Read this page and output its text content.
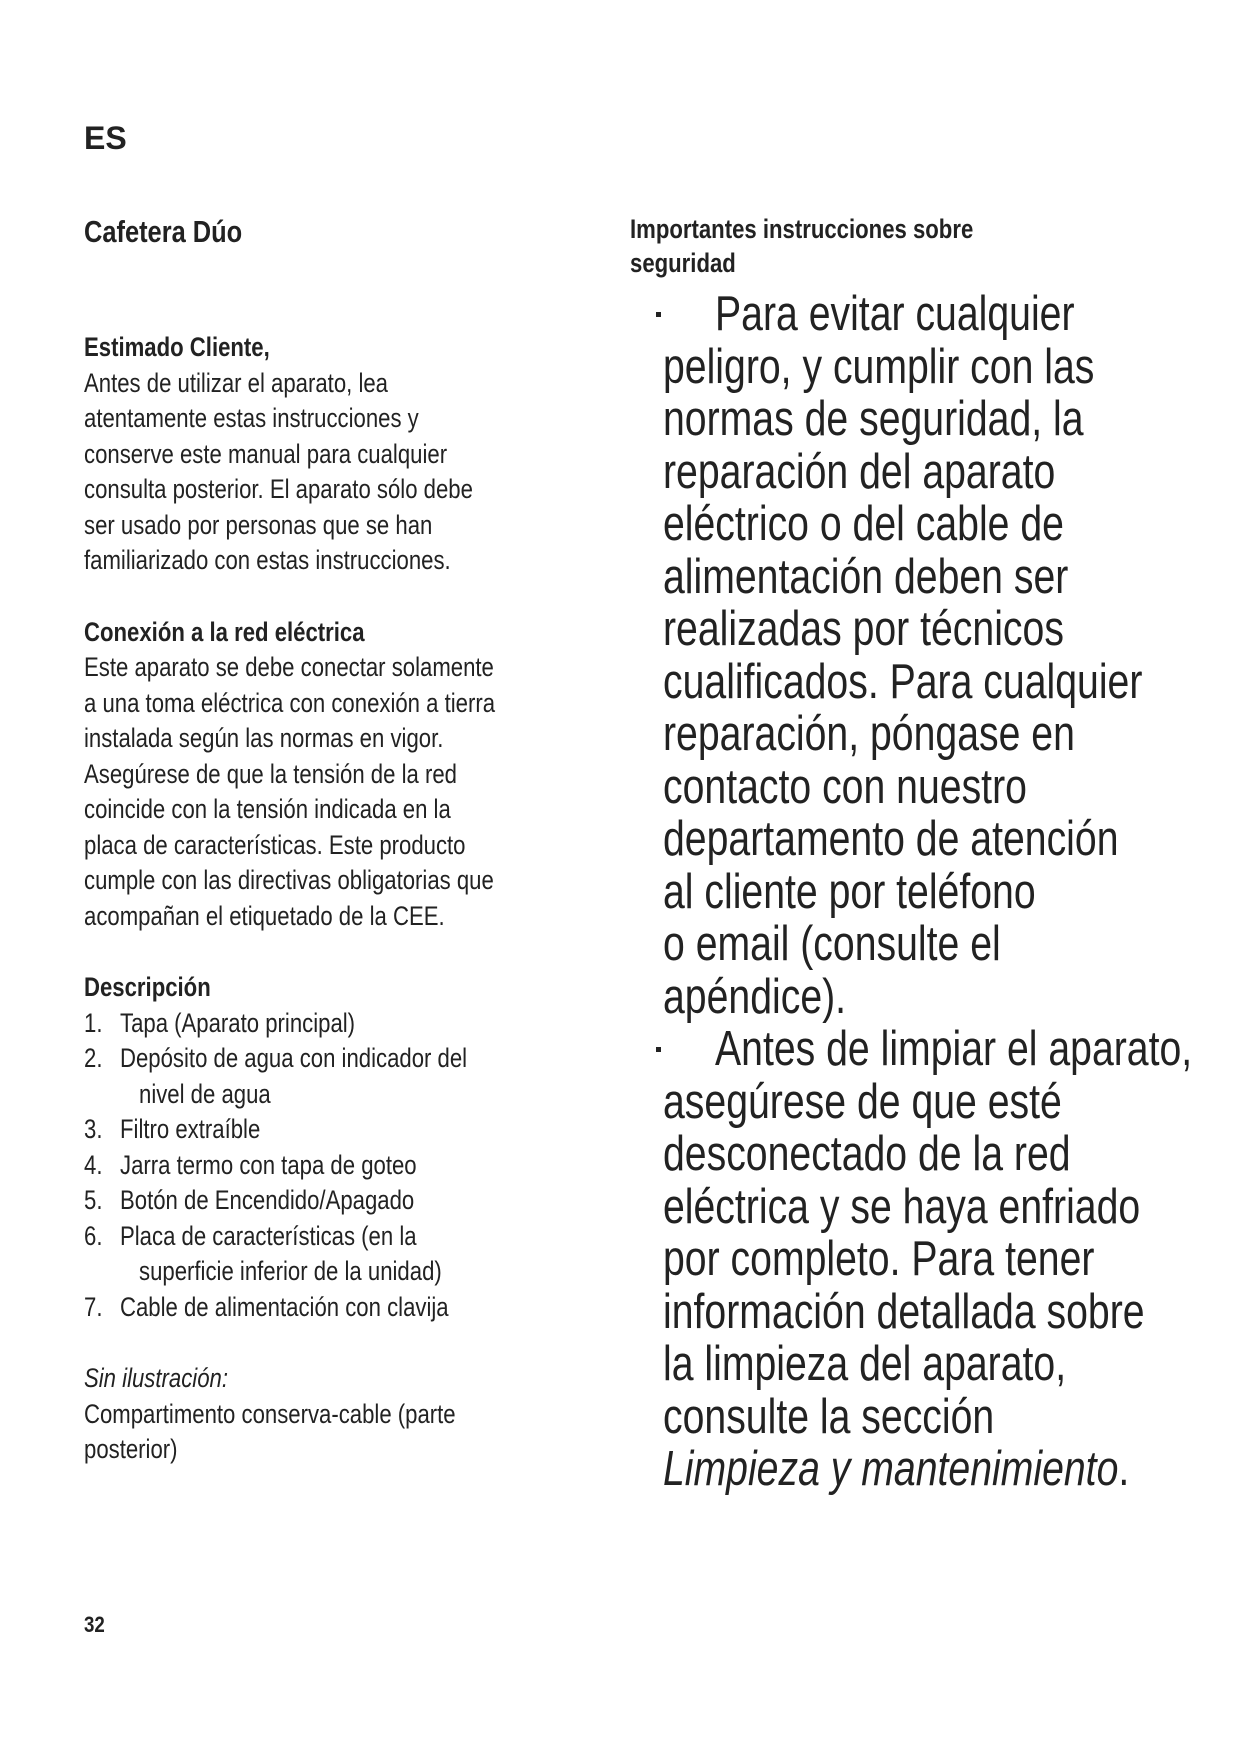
ES
Cafetera Dúo
Estimado Cliente,
Antes de utilizar el aparato, lea
atentamente estas instrucciones y
conserve este manual para cualquier
consulta posterior. El aparato sólo debe
ser usado por personas que se han
familiarizado con estas instrucciones.
Conexión a la red eléctrica
Este aparato se debe conectar solamente
a una toma eléctrica con conexión a tierra
instalada según las normas en vigor.
Asegúrese de que la tensión de la red
coincide con la tensión indicada en la
placa de características. Este producto
cumple con las directivas obligatorias que
acompañan el etiquetado de la CEE.
Descripción
1. Tapa (Aparato principal)
2. Depósito de agua con indicador del
nivel de agua
3. Filtro extraíble
4. Jarra termo con tapa de goteo
5. Botón de Encendido/Apagado
6. Placa de características (en la
superficie inferior de la unidad)
7. Cable de alimentación con clavija
Sin ilustración:
Compartimento conserva-cable (parte
posterior)
Importantes instrucciones sobre
seguridad
Para evitar cualquier
peligro, y cumplir con las
normas de seguridad, la
reparación del aparato
eléctrico o del cable de
alimentación deben ser
realizadas por técnicos
cualificados. Para cualquier
reparación, póngase en
contacto con nuestro
departamento de atención
al cliente por teléfono
o email (consulte el
apéndice).
Antes de limpiar el aparato,
asegúrese de que esté
desconectado de la red
eléctrica y se haya enfriado
por completo. Para tener
información detallada sobre
la limpieza del aparato,
consulte la sección
Limpieza y mantenimiento.
32
